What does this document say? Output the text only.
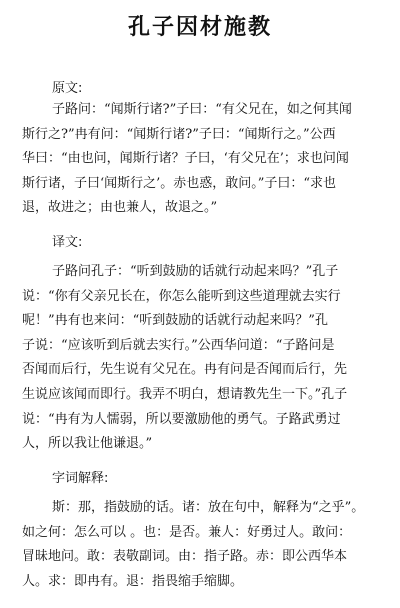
孔子因材施教
原文:
子路问：“闻斯行诸?”子曰：“有父兄在，如之何其闻
斯行之?”冉有问：“闻斯行诸?”子曰：“闻斯行之。”公西
华曰：“由也问，闻斯行诸？子曰，‘有父兄在’；求也问闻
斯行诸，子曰‘闻斯行之’。赤也惑，敢问。”子曰：“求也
退，故进之；由也兼人，故退之。”
译文:
子路问孔子：“听到鼓励的话就行动起来吗？”孔子
说：“你有父亲兄长在，你怎么能听到这些道理就去实行
呢！”冉有也来问：“听到鼓励的话就行动起来吗？”孔
子说：“应该听到后就去实行。”公西华问道：“子路问是
否闻而后行，先生说有父兄在。冉有问是否闻而后行，先
生说应该闻而即行。我弄不明白，想请教先生一下。”孔子
说：“冉有为人懦弱，所以要激励他的勇气。子路武勇过
人，所以我让他谦退。”
字词解释:
斯：那，指鼓励的话。诸：放在句中，解释为“之乎”。
如之何：怎么可以 。也：是否。兼人：好勇过人。敢问：
冒昧地问。敢：表敬副词。由：指子路。赤：即公西华本
人。求：即冉有。退：指畏缩手缩脚。
